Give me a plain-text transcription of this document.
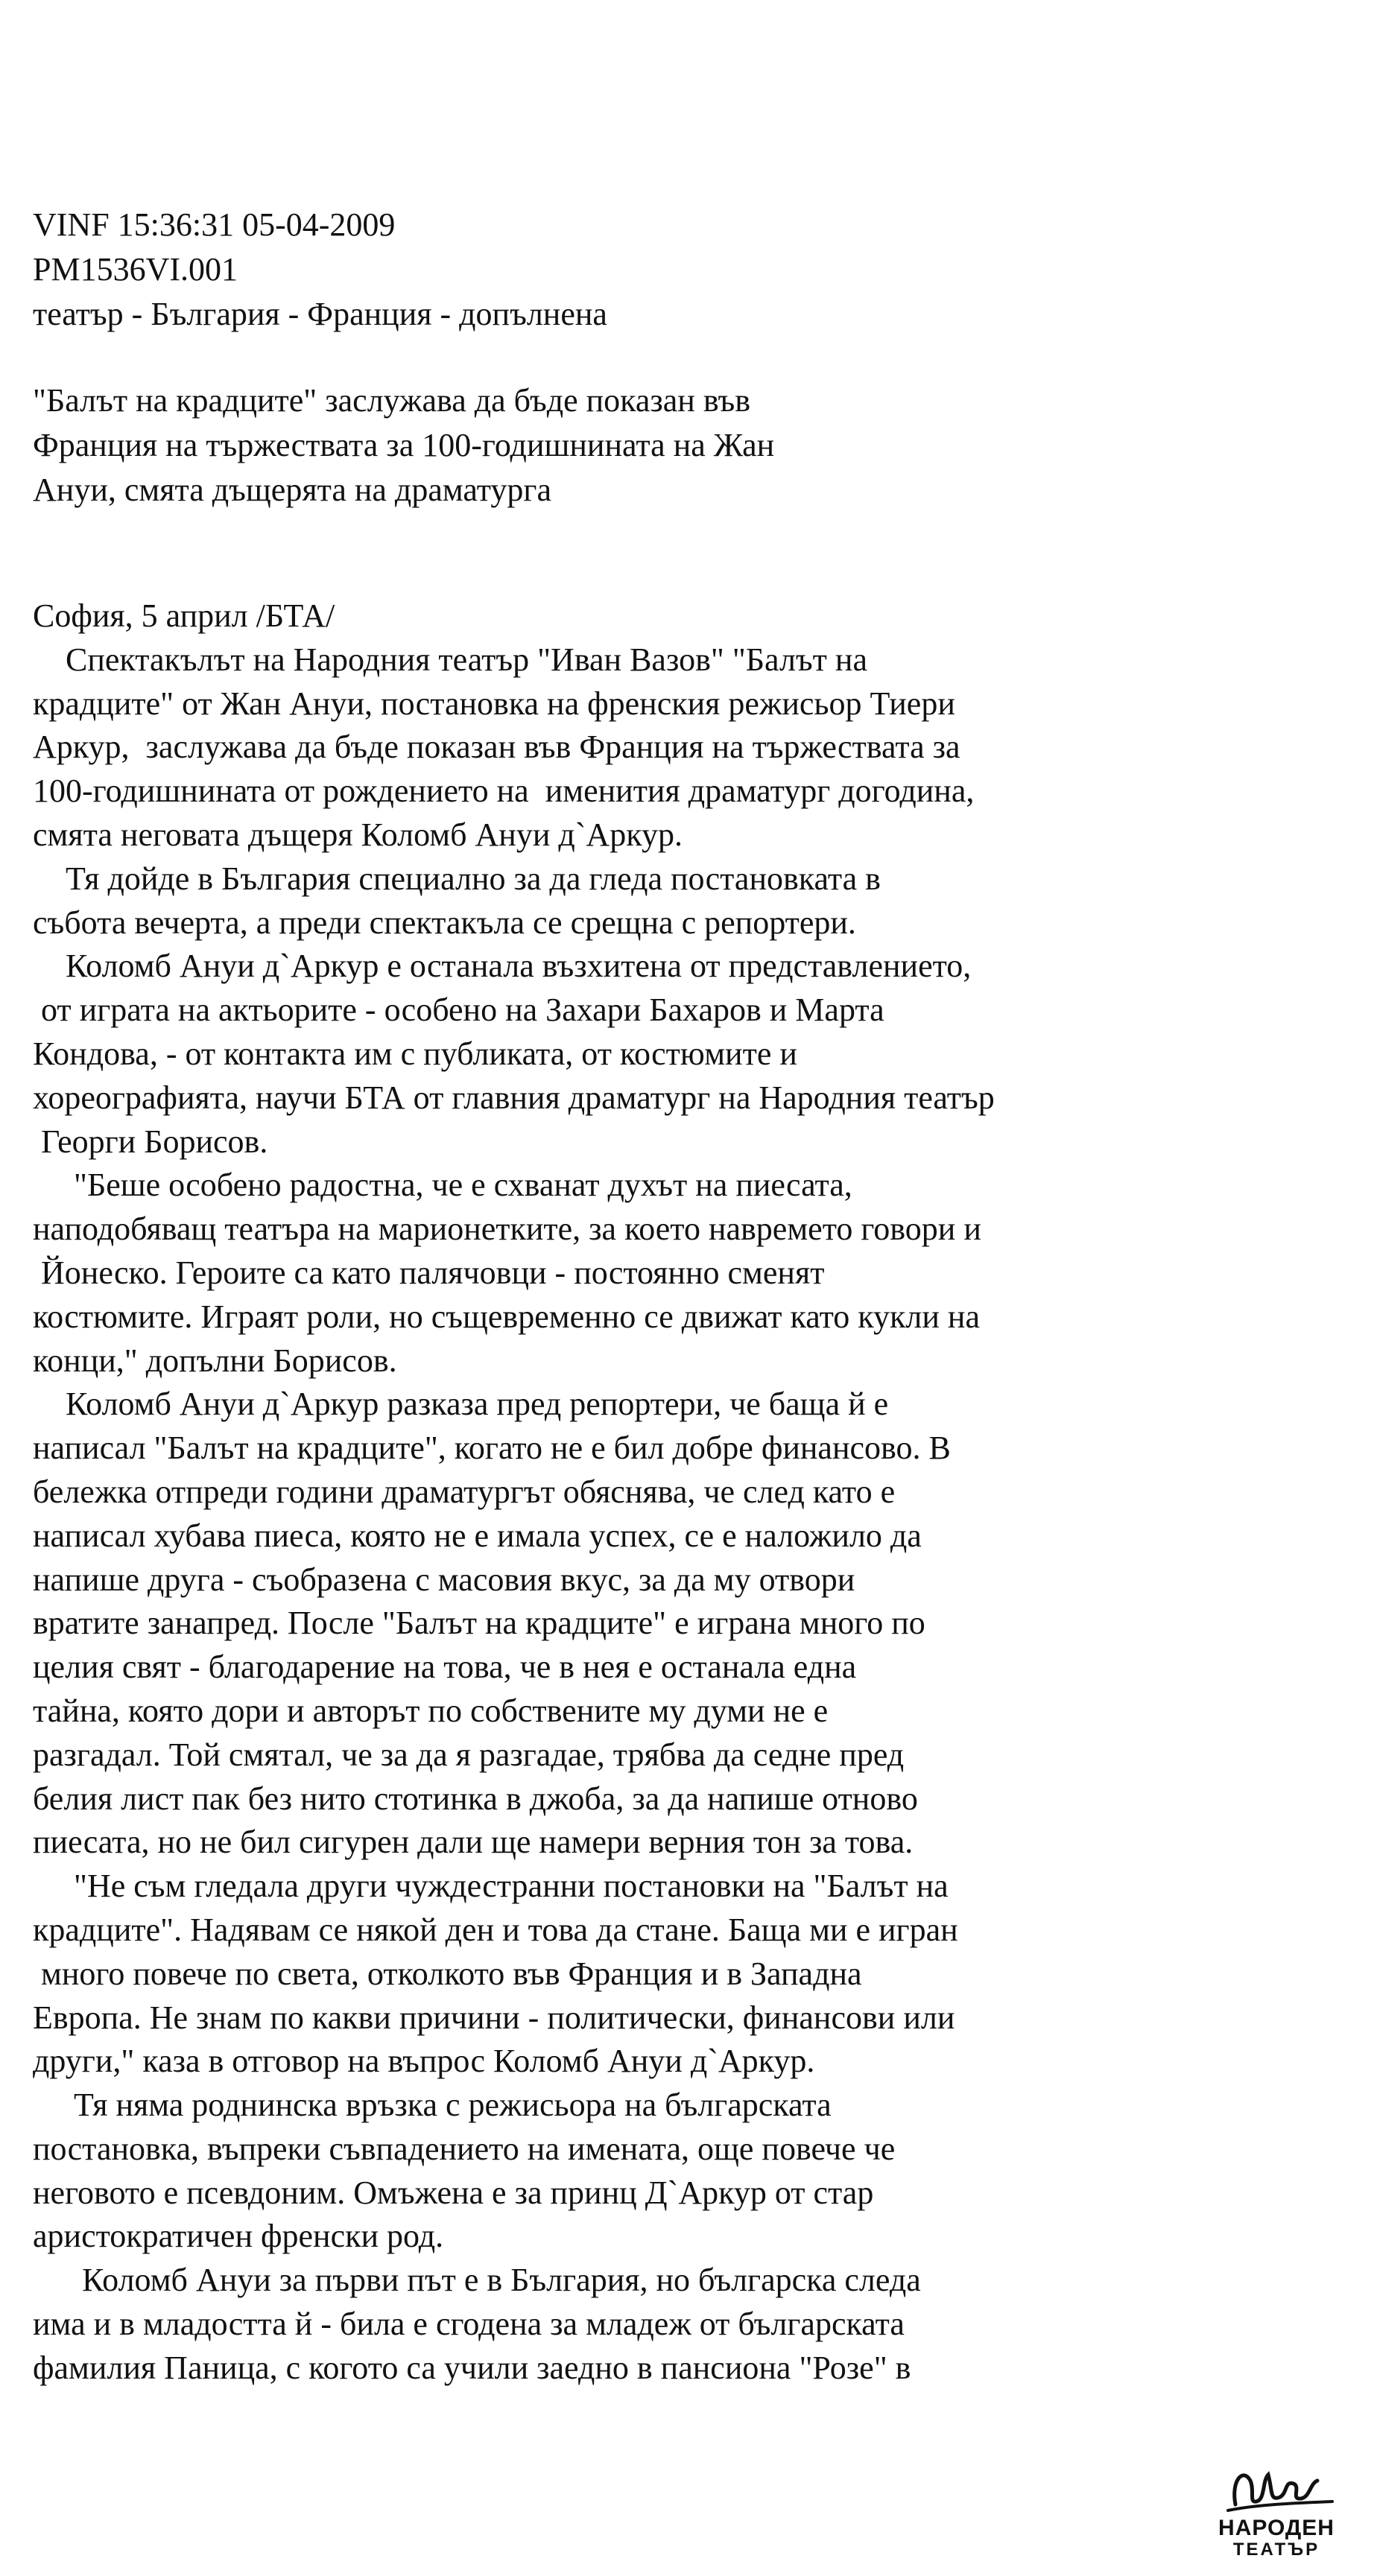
VINF 15:36:31 05-04-2009
PM1536VI.001
театър - България - Франция - допълнена
"Балът на крадците" заслужава да бъде показан във
Франция на тържествата за 100-годишнината на Жан
Ануи, смята дъщерята на драматурга
София, 5 април /БТА/
Спектакълът на Народния театър "Иван Вазов" "Балът на
крадците" от Жан Ануи, постановка на френския режисьор Тиери
Аркур,  заслужава да бъде показан във Франция на тържествата за
100-годишнината от рождението на  именития драматург догодина,
смята неговата дъщеря Коломб Ануи д`Аркур.
Тя дойде в България специално за да гледа постановката в
събота вечерта, а преди спектакъла се срещна с репортери.
Коломб Ануи д`Аркур е останала възхитена от представлението,
от играта на актьорите - особено на Захари Бахаров и Марта
Кондова, - от контакта им с публиката, от костюмите и
хореографията, научи БТА от главния драматург на Народния театър
Георги Борисов.
"Беше особено радостна, че е схванат духът на пиесата,
наподобяващ театъра на марионетките, за което навремето говори и
Йонеско. Героите са като палячовци - постоянно сменят
костюмите. Играят роли, но същевременно се движат като кукли на
конци," допълни Борисов.
Коломб Ануи д`Аркур разказа пред репортери, че баща й е
написал "Балът на крадците", когато не е бил добре финансово. В
бележка отпреди години драматургът обяснява, че след като е
написал хубава пиеса, която не е имала успех, се е наложило да
напише друга - съобразена с масовия вкус, за да му отвори
вратите занапред. После "Балът на крадците" е играна много по
целия свят - благодарение на това, че в нея е останала една
тайна, която дори и авторът по собствените му думи не е
разгадал. Той смятал, че за да я разгадае, трябва да седне пред
белия лист пак без нито стотинка в джоба, за да напише отново
пиесата, но не бил сигурен дали ще намери верния тон за това.
"Не съм гледала други чуждестранни постановки на "Балът на
крадците". Надявам се някой ден и това да стане. Баща ми е игран
много повече по света, отколкото във Франция и в Западна
Европа. Не знам по какви причини - политически, финансови или
други," каза в отговор на въпрос Коломб Ануи д`Аркур.
Тя няма роднинска връзка с режисьора на българската
постановка, въпреки съвпадението на имената, още повече че
неговото е псевдоним. Омъжена е за принц Д`Аркур от стар
аристократичен френски род.
Коломб Ануи за първи път е в България, но българска следа
има и в младостта й - била е сгодена за младеж от българската
фамилия Паница, с когото са учили заедно в пансиона "Розе" в
НАРОДЕН
ТЕАТЪР
